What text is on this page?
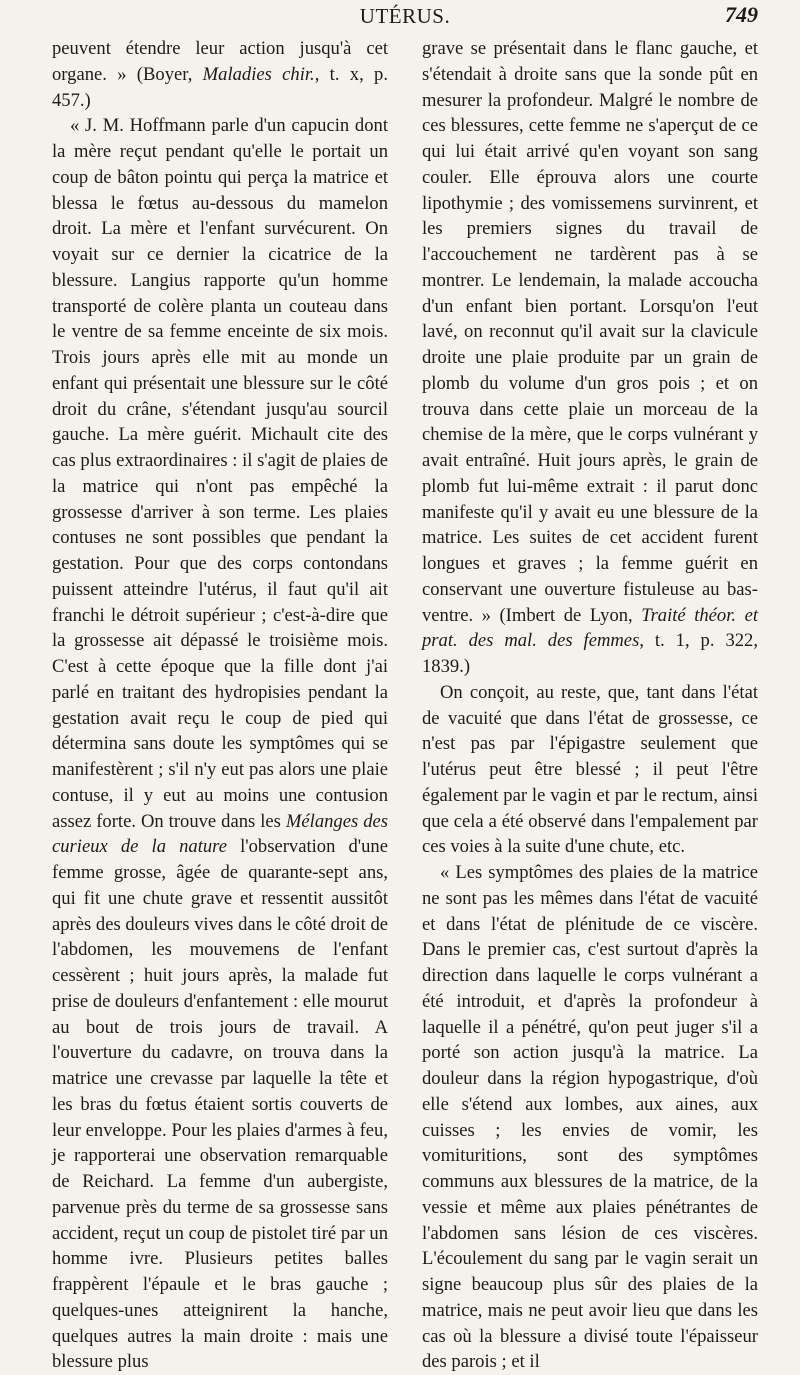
UTÉRUS.	749

peuvent étendre leur action jusqu'à cet organe. » (Boyer, Maladies chir., t. x, p. 457.)

« J. M. Hoffmann parle d'un capucin dont la mère reçut pendant qu'elle le portait un coup de bâton pointu qui perça la matrice et blessa le fœtus au-dessous du mamelon droit. La mère et l'enfant survécurent. On voyait sur ce dernier la cicatrice de la blessure. Langius rapporte qu'un homme transporté de colère planta un couteau dans le ventre de sa femme enceinte de six mois. Trois jours après elle mit au monde un enfant qui présentait une blessure sur le côté droit du crâne, s'étendant jusqu'au sourcil gauche. La mère guérit. Michault cite des cas plus extraordinaires : il s'agit de plaies de la matrice qui n'ont pas empêché la grossesse d'arriver à son terme. Les plaies contuses ne sont possibles que pendant la gestation. Pour que des corps contondans puissent atteindre l'utérus, il faut qu'il ait franchi le détroit supérieur ; c'est-à-dire que la grossesse ait dépassé le troisième mois. C'est à cette époque que la fille dont j'ai parlé en traitant des hydropisies pendant la gestation avait reçu le coup de pied qui détermina sans doute les symptômes qui se manifestèrent ; s'il n'y eut pas alors une plaie contuse, il y eut au moins une contusion assez forte. On trouve dans les Mélanges des curieux de la nature l'observation d'une femme grosse, âgée de quarante-sept ans, qui fit une chute grave et ressentit aussitôt après des douleurs vives dans le côté droit de l'abdomen, les mouvemens de l'enfant cessèrent ; huit jours après, la malade fut prise de douleurs d'enfantement : elle mourut au bout de trois jours de travail. A l'ouverture du cadavre, on trouva dans la matrice une crevasse par laquelle la tête et les bras du fœtus étaient sortis couverts de leur enveloppe. Pour les plaies d'armes à feu, je rapporterai une observation remarquable de Reichard. La femme d'un aubergiste, parvenue près du terme de sa grossesse sans accident, reçut un coup de pistolet tiré par un homme ivre. Plusieurs petites balles frappèrent l'épaule et le bras gauche ; quelques-unes atteignirent la hanche, quelques autres la main droite : mais une blessure plus

grave se présentait dans le flanc gauche, et s'étendait à droite sans que la sonde pût en mesurer la profondeur. Malgré le nombre de ces blessures, cette femme ne s'aperçut de ce qui lui était arrivé qu'en voyant son sang couler. Elle éprouva alors une courte lipothymie ; des vomissemens survinrent, et les premiers signes du travail de l'accouchement ne tardèrent pas à se montrer. Le lendemain, la malade accoucha d'un enfant bien portant. Lorsqu'on l'eut lavé, on reconnut qu'il avait sur la clavicule droite une plaie produite par un grain de plomb du volume d'un gros pois ; et on trouva dans cette plaie un morceau de la chemise de la mère, que le corps vulnérant y avait entraîné. Huit jours après, le grain de plomb fut lui-même extrait : il parut donc manifeste qu'il y avait eu une blessure de la matrice. Les suites de cet accident furent longues et graves ; la femme guérit en conservant une ouverture fistuleuse au bas-ventre. » (Imbert de Lyon, Traité théor. et prat. des mal. des femmes, t. 1, p. 322, 1839.)

On conçoit, au reste, que, tant dans l'état de vacuité que dans l'état de grossesse, ce n'est pas par l'épigastre seulement que l'utérus peut être blessé ; il peut l'être également par le vagin et par le rectum, ainsi que cela a été observé dans l'empalement par ces voies à la suite d'une chute, etc.

« Les symptômes des plaies de la matrice ne sont pas les mêmes dans l'état de vacuité et dans l'état de plénitude de ce viscère. Dans le premier cas, c'est surtout d'après la direction dans laquelle le corps vulnérant a été introduit, et d'après la profondeur à laquelle il a pénétré, qu'on peut juger s'il a porté son action jusqu'à la matrice. La douleur dans la région hypogastrique, d'où elle s'étend aux lombes, aux aines, aux cuisses ; les envies de vomir, les vomituritions, sont des symptômes communs aux blessures de la matrice, de la vessie et même aux plaies pénétrantes de l'abdomen sans lésion de ces viscères. L'écoulement du sang par le vagin serait un signe beaucoup plus sûr des plaies de la matrice, mais ne peut avoir lieu que dans les cas où la blessure a divisé toute l'épaisseur des parois ; et il
